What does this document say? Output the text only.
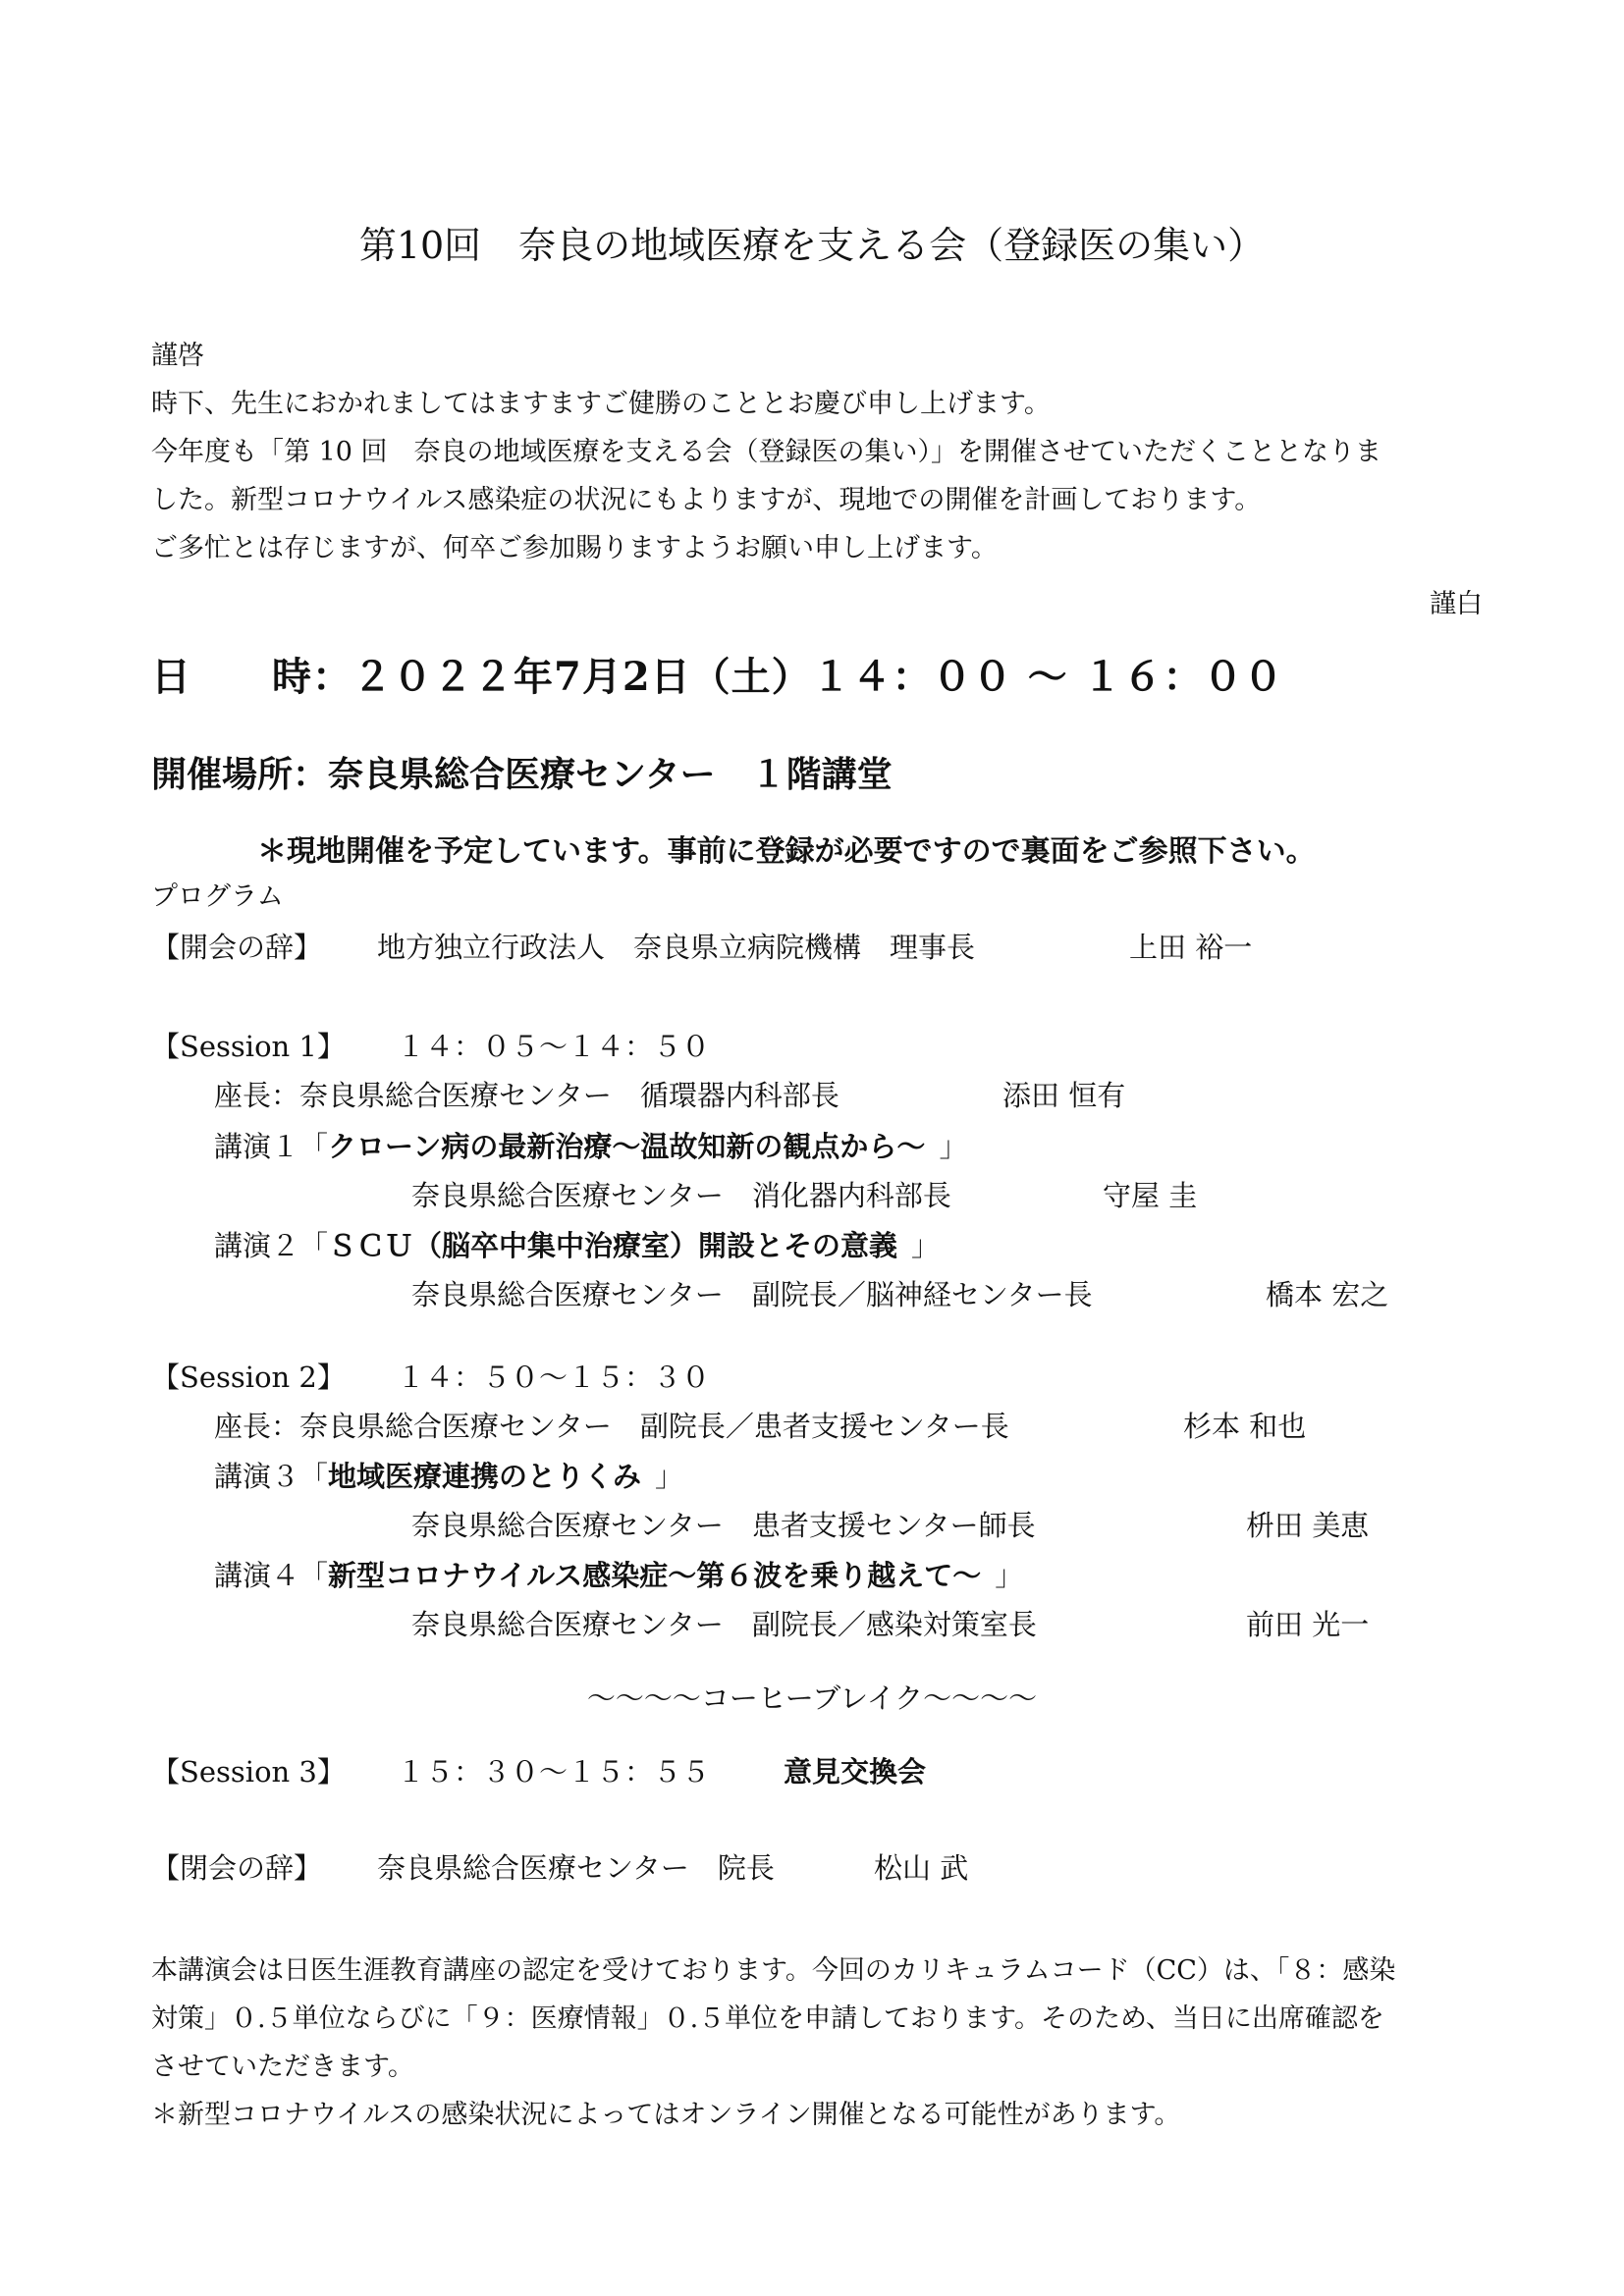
第10回　奈良の地域医療を支える会（登録医の集い）
謹啓
時下、先生におかれましてはますますご健勝のこととお慶び申し上げます。
今年度も「第 10 回　奈良の地域医療を支える会（登録医の集い）」を開催させていただくこととなりま
した。新型コロナウイルス感染症の状況にもよりますが、現地での開催を計画しております。
ご多忙とは存じますが、何卒ご参加賜りますようお願い申し上げます。
謹白
日　　時：２０２２年7月2日（土）１４：００ ～ １６：００
開催場所：奈良県総合医療センター　１階講堂
＊現地開催を予定しています。事前に登録が必要ですので裏面をご参照下さい。
プログラム
【開会の辞】 地方独立行政法人　奈良県立病院機構　理事長	上田 裕一
【Session 1】 １４：０５～１４：５０
座長：奈良県総合医療センター　循環器内科部長	添田 恒有
講演１「クローン病の最新治療～温故知新の観点から～ 」
奈良県総合医療センター　消化器内科部長	守屋 圭
講演２「ＳＣＵ（脳卒中集中治療室）開設とその意義 」
奈良県総合医療センター　副院長／脳神経センター長	橋本 宏之
【Session 2】 １４：５０～１５：３０
座長：奈良県総合医療センター　副院長／患者支援センター長	杉本 和也
講演３「地域医療連携のとりくみ 」
奈良県総合医療センター　患者支援センター師長	枡田 美恵
講演４「新型コロナウイルス感染症～第６波を乗り越えて～ 」
奈良県総合医療センター　副院長／感染対策室長	前田 光一
～～～～コーヒーブレイク～～～～
【Session 3】 １５：３０～１５：５５	意見交換会
【閉会の辞】 奈良県総合医療センター　院長	松山 武
本講演会は日医生涯教育講座の認定を受けております。今回のカリキュラムコード（CC）は、「８：感染
対策」０.５単位ならびに「９：医療情報」０.５単位を申請しております。そのため、当日に出席確認を
させていただきます。
＊新型コロナウイルスの感染状況によってはオンライン開催となる可能性があります。
